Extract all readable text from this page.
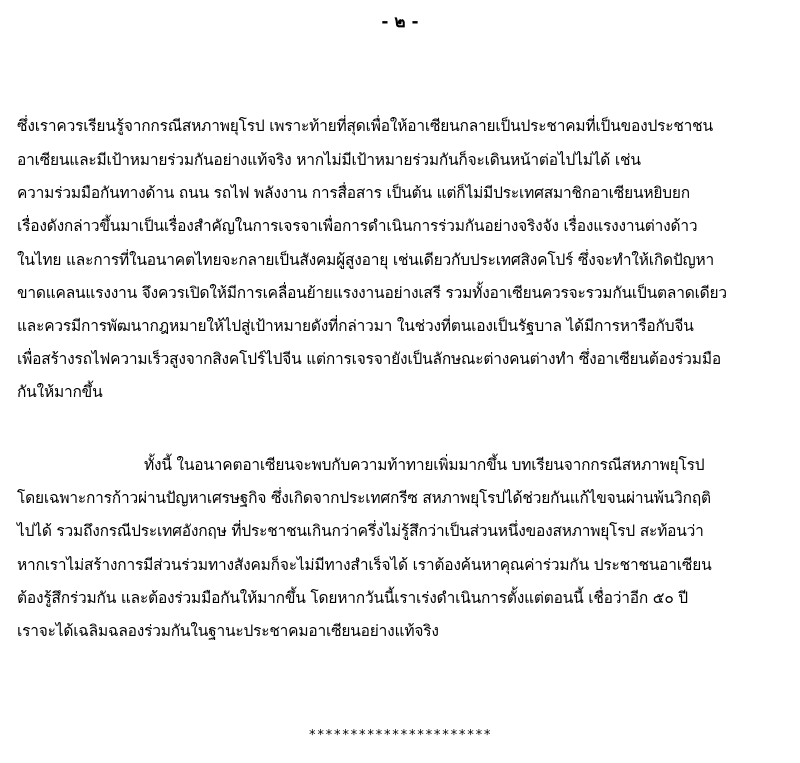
- ๒ -
ซึ่งเราควรเรียนรู้จากกรณีสหภาพยุโรป เพราะท้ายที่สุดเพื่อให้อาเซียนกลายเป็นประชาคมที่เป็นของประชาชน
อาเซียนและมีเป้าหมายร่วมกันอย่างแท้จริง หากไม่มีเป้าหมายร่วมกันก็จะเดินหน้าต่อไปไม่ได้ เช่น
ความร่วมมือกันทางด้าน ถนน รถไฟ พลังงาน การสื่อสาร เป็นต้น แต่ก็ไม่มีประเทศสมาชิกอาเซียนหยิบยก
เรื่องดังกล่าวขึ้นมาเป็นเรื่องสำคัญในการเจรจาเพื่อการดำเนินการร่วมกันอย่างจริงจัง เรื่องแรงงานต่างด้าว
ในไทย และการที่ในอนาคตไทยจะกลายเป็นสังคมผู้สูงอายุ เช่นเดียวกับประเทศสิงคโปร์ ซึ่งจะทำให้เกิดปัญหา
ขาดแคลนแรงงาน จึงควรเปิดให้มีการเคลื่อนย้ายแรงงานอย่างเสรี รวมทั้งอาเซียนควรจะรวมกันเป็นตลาดเดียว
และควรมีการพัฒนากฎหมายให้ไปสู่เป้าหมายดังที่กล่าวมา ในช่วงที่ตนเองเป็นรัฐบาล ได้มีการหารือกับจีน
เพื่อสร้างรถไฟความเร็วสูงจากสิงคโปร์ไปจีน แต่การเจรจายังเป็นลักษณะต่างคนต่างทำ ซึ่งอาเซียนต้องร่วมมือ
กันให้มากขึ้น
ทั้งนี้ ในอนาคตอาเซียนจะพบกับความท้าทายเพิ่มมากขึ้น บทเรียนจากกรณีสหภาพยุโรป
โดยเฉพาะการก้าวผ่านปัญหาเศรษฐกิจ ซึ่งเกิดจากประเทศกรีซ สหภาพยุโรปได้ช่วยกันแก้ไขจนผ่านพ้นวิกฤติ
ไปได้ รวมถึงกรณีประเทศอังกฤษ ที่ประชาชนเกินกว่าครึ่งไม่รู้สึกว่าเป็นส่วนหนึ่งของสหภาพยุโรป สะท้อนว่า
หากเราไม่สร้างการมีส่วนร่วมทางสังคมก็จะไม่มีทางสำเร็จได้ เราต้องค้นหาคุณค่าร่วมกัน ประชาชนอาเซียน
ต้องรู้สึกร่วมกัน และต้องร่วมมือกันให้มากขึ้น โดยหากวันนี้เราเร่งดำเนินการตั้งแต่ตอนนี้ เชื่อว่าอีก ๕๐ ปี
เราจะได้เฉลิมฉลองร่วมกันในฐานะประชาคมอาเซียนอย่างแท้จริง
**********************
